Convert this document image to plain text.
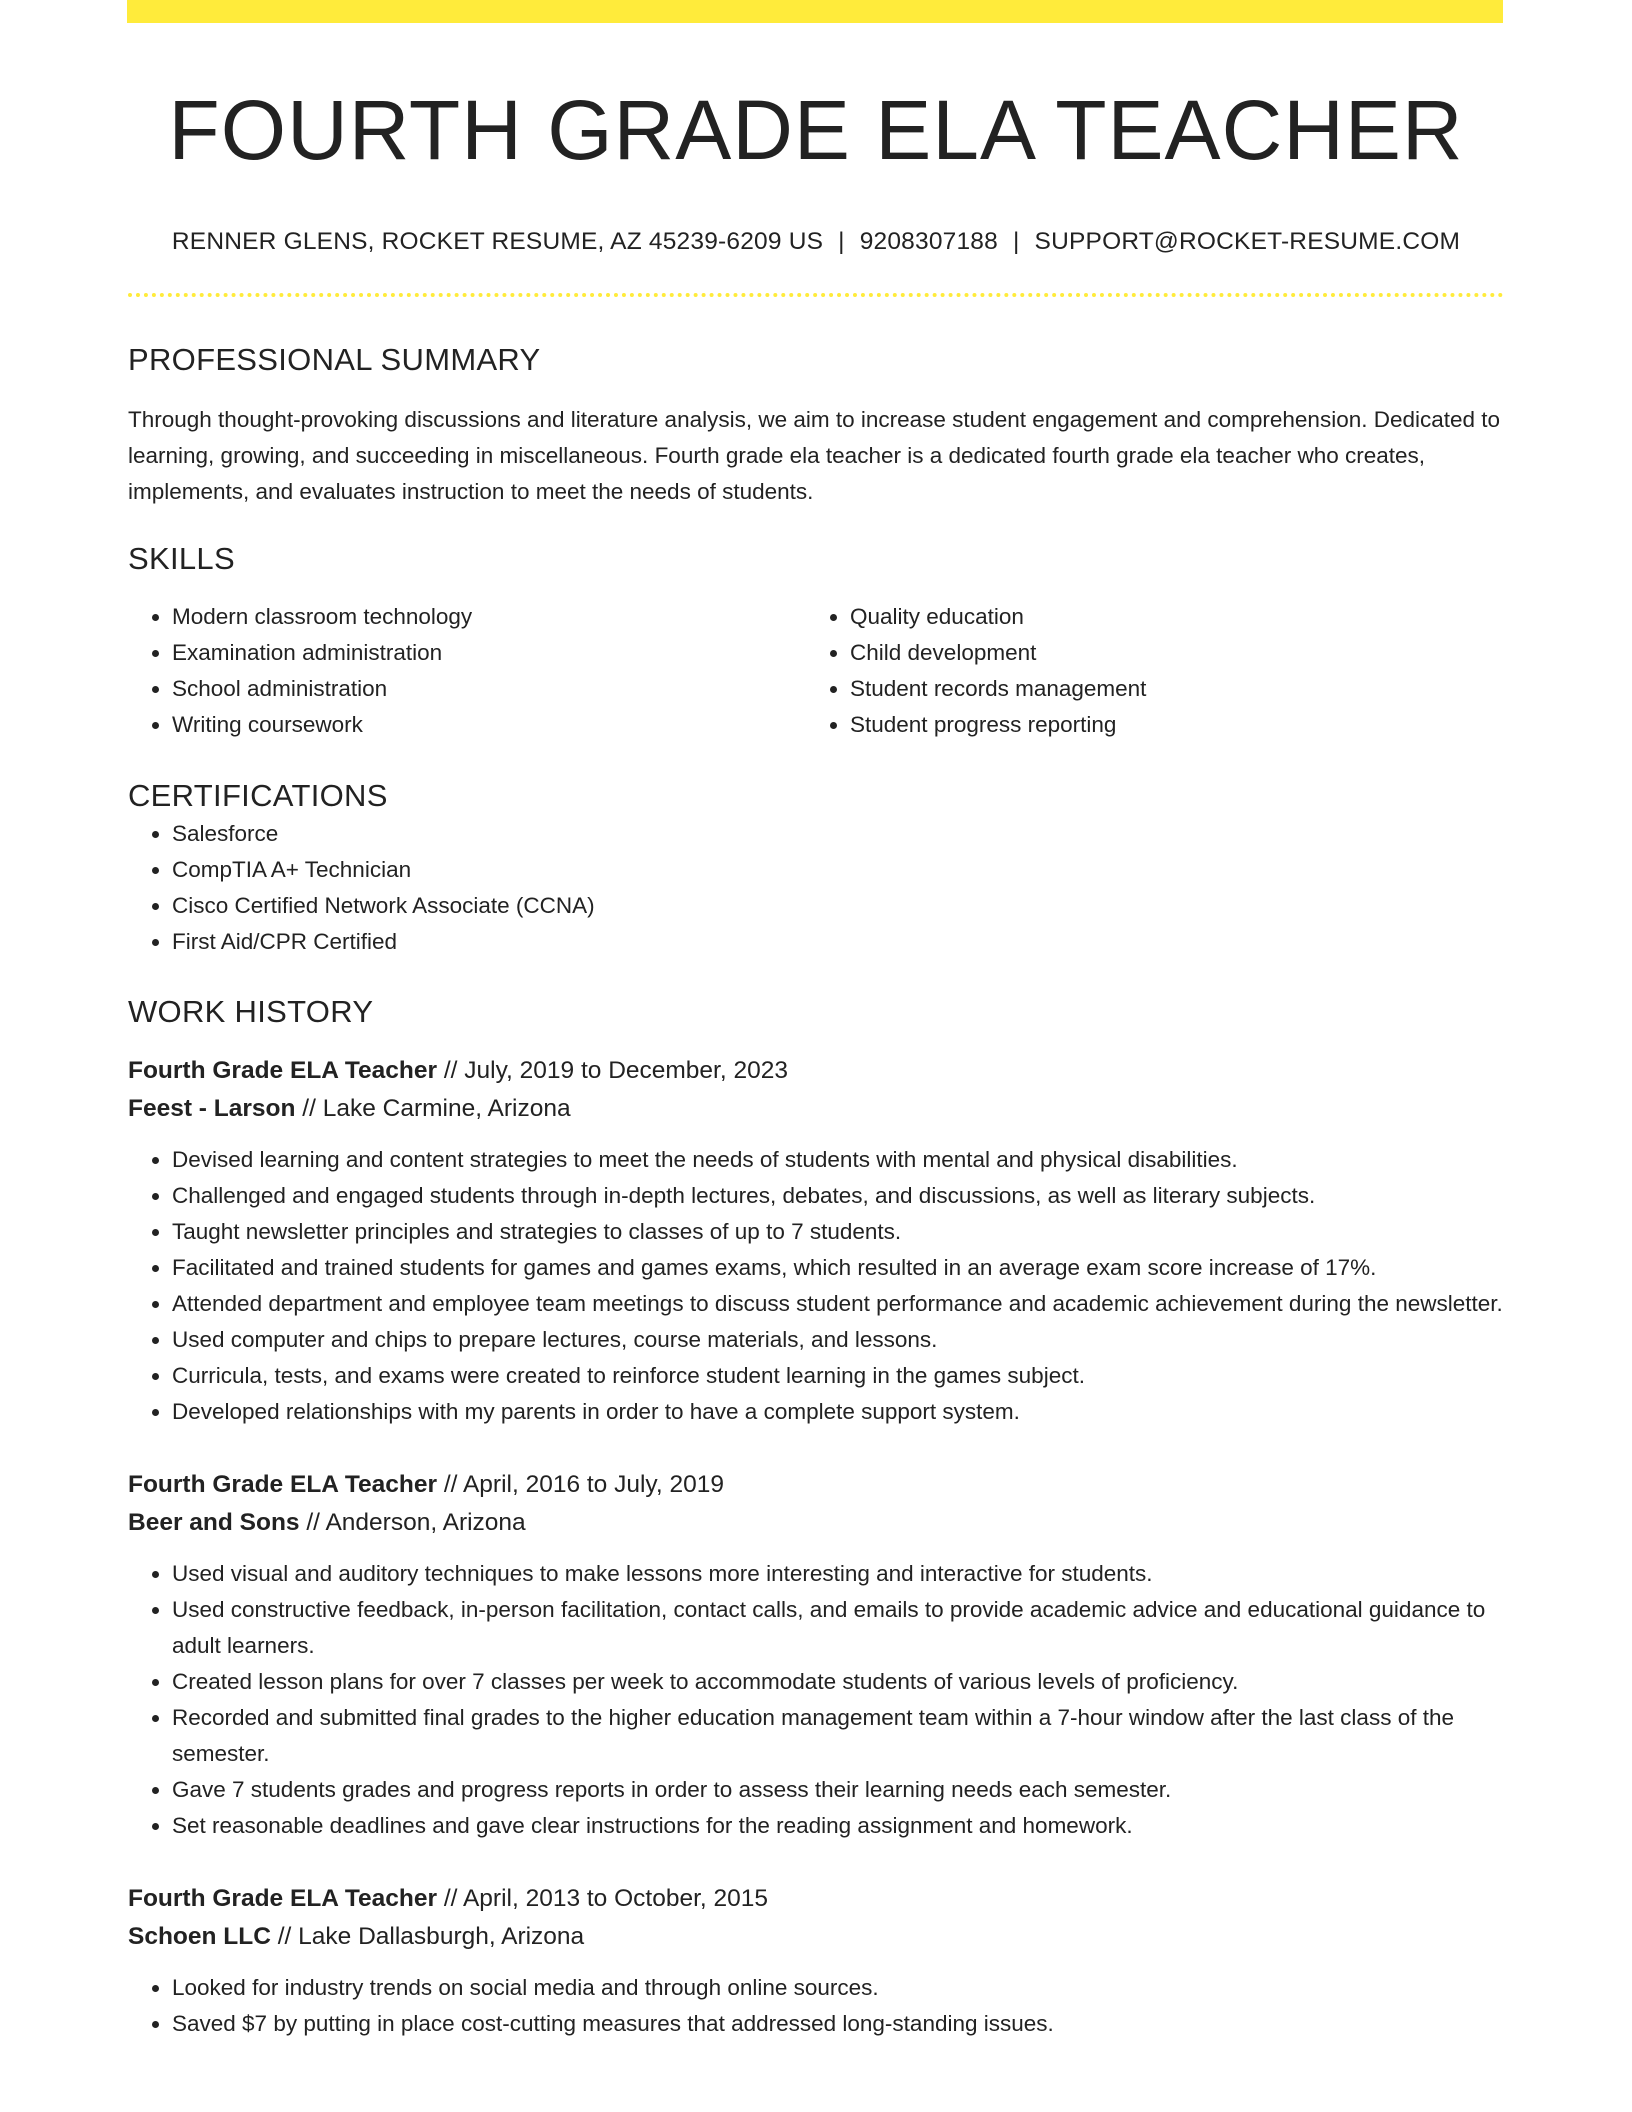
FOURTH GRADE ELA TEACHER
RENNER GLENS, ROCKET RESUME, AZ 45239-6209 US | 9208307188 | SUPPORT@ROCKET-RESUME.COM
PROFESSIONAL SUMMARY

Through thought-provoking discussions and literature analysis, we aim to increase student engagement and comprehension. Dedicated to learning, growing, and succeeding in miscellaneous. Fourth grade ela teacher is a dedicated fourth grade ela teacher who creates, implements, and evaluates instruction to meet the needs of students.

SKILLS
• Modern classroom technology
• Examination administration
• School administration
• Writing coursework
• Quality education
• Child development
• Student records management
• Student progress reporting
CERTIFICATIONS
• Salesforce
• CompTIA A+ Technician
• Cisco Certified Network Associate (CCNA)
• First Aid/CPR Certified
WORK HISTORY
Fourth Grade ELA Teacher // July, 2019 to December, 2023
Feest - Larson // Lake Carmine, Arizona
• Devised learning and content strategies to meet the needs of students with mental and physical disabilities.
• Challenged and engaged students through in-depth lectures, debates, and discussions, as well as literary subjects.
• Taught newsletter principles and strategies to classes of up to 7 students.
• Facilitated and trained students for games and games exams, which resulted in an average exam score increase of 17%.
• Attended department and employee team meetings to discuss student performance and academic achievement during the newsletter.
• Used computer and chips to prepare lectures, course materials, and lessons.
• Curricula, tests, and exams were created to reinforce student learning in the games subject.
• Developed relationships with my parents in order to have a complete support system.
Fourth Grade ELA Teacher // April, 2016 to July, 2019
Beer and Sons // Anderson, Arizona
• Used visual and auditory techniques to make lessons more interesting and interactive for students.
• Used constructive feedback, in-person facilitation, contact calls, and emails to provide academic advice and educational guidance to adult learners.
• Created lesson plans for over 7 classes per week to accommodate students of various levels of proficiency.
• Recorded and submitted final grades to the higher education management team within a 7-hour window after the last class of the semester.
• Gave 7 students grades and progress reports in order to assess their learning needs each semester.
• Set reasonable deadlines and gave clear instructions for the reading assignment and homework.
Fourth Grade ELA Teacher // April, 2013 to October, 2015
Schoen LLC // Lake Dallasburgh, Arizona
• Looked for industry trends on social media and through online sources.
• Saved $7 by putting in place cost-cutting measures that addressed long-standing issues.
